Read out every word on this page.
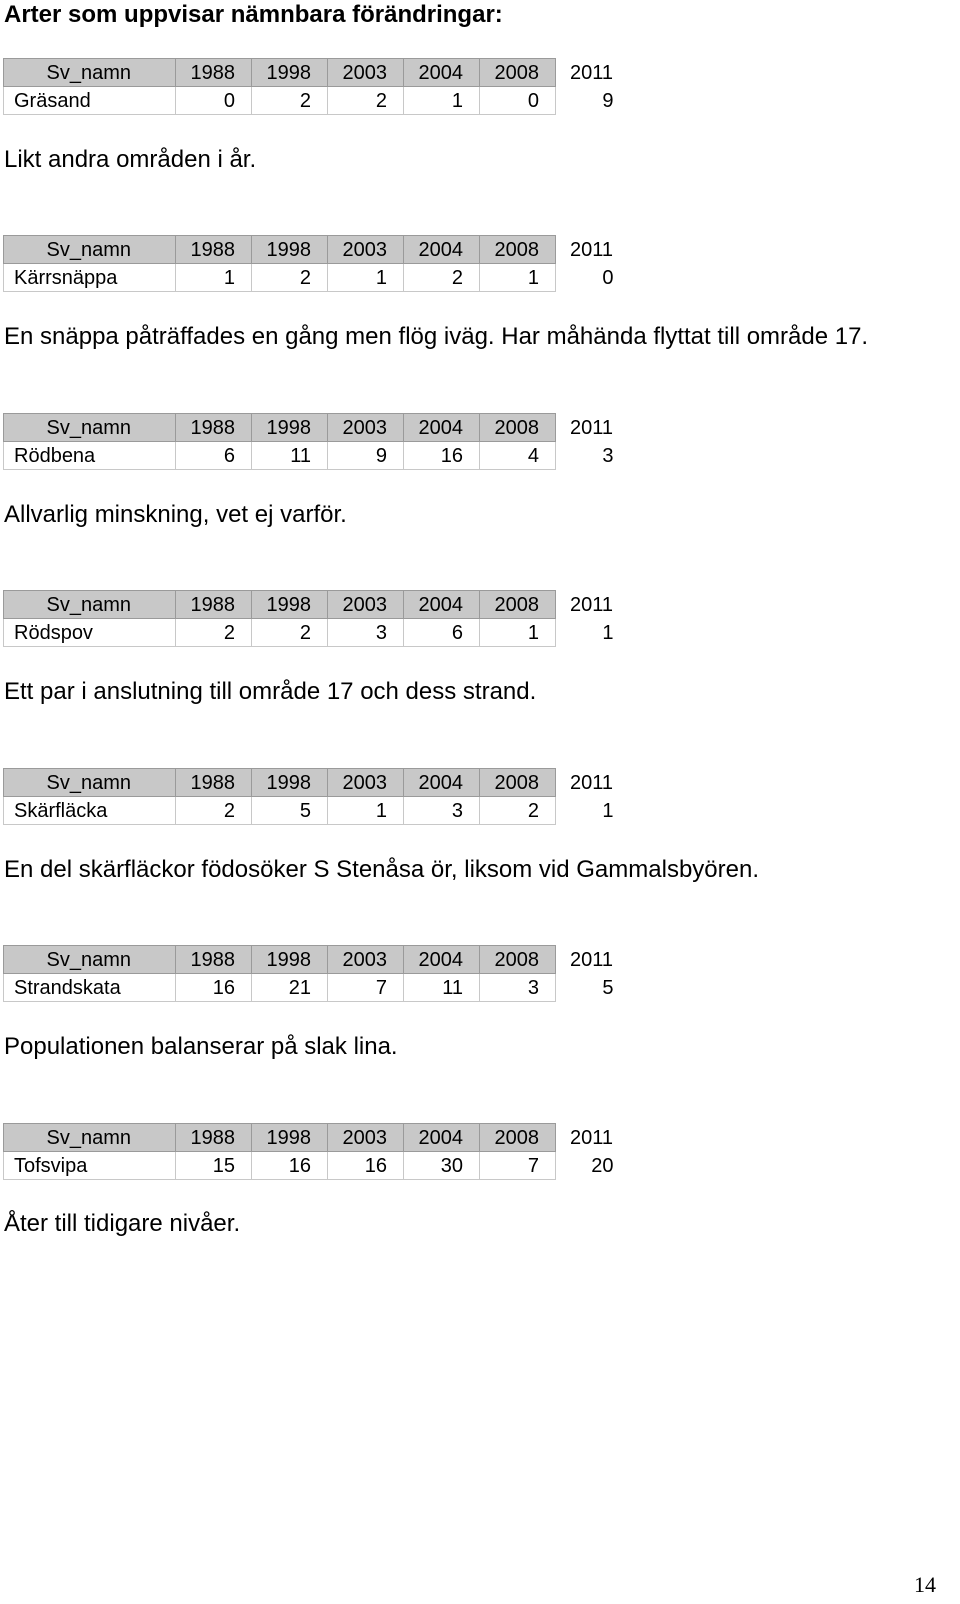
Arter som uppvisar nämnbara förändringar:
Sv_namn	1988	1998	2003	2004	2008	2011
Gräsand	0	2	2	1	0	9
Likt andra områden i år.
Sv_namn	1988	1998	2003	2004	2008	2011
Kärrsnäppa	1	2	1	2	1	0
En snäppa påträffades en gång men flög iväg. Har måhända flyttat till område 17.
Sv_namn	1988	1998	2003	2004	2008	2011
Rödbena	6	11	9	16	4	3
Allvarlig minskning, vet ej varför.
Sv_namn	1988	1998	2003	2004	2008	2011
Rödspov	2	2	3	6	1	1
Ett par i anslutning till område 17 och dess strand.
Sv_namn	1988	1998	2003	2004	2008	2011
Skärfläcka	2	5	1	3	2	1
En del skärfläckor födosöker S Stenåsa ör, liksom vid Gammalsbyören.
Sv_namn	1988	1998	2003	2004	2008	2011
Strandskata	16	21	7	11	3	5
Populationen balanserar på slak lina.
Sv_namn	1988	1998	2003	2004	2008	2011
Tofsvipa	15	16	16	30	7	20
Åter till tidigare nivåer.
14
